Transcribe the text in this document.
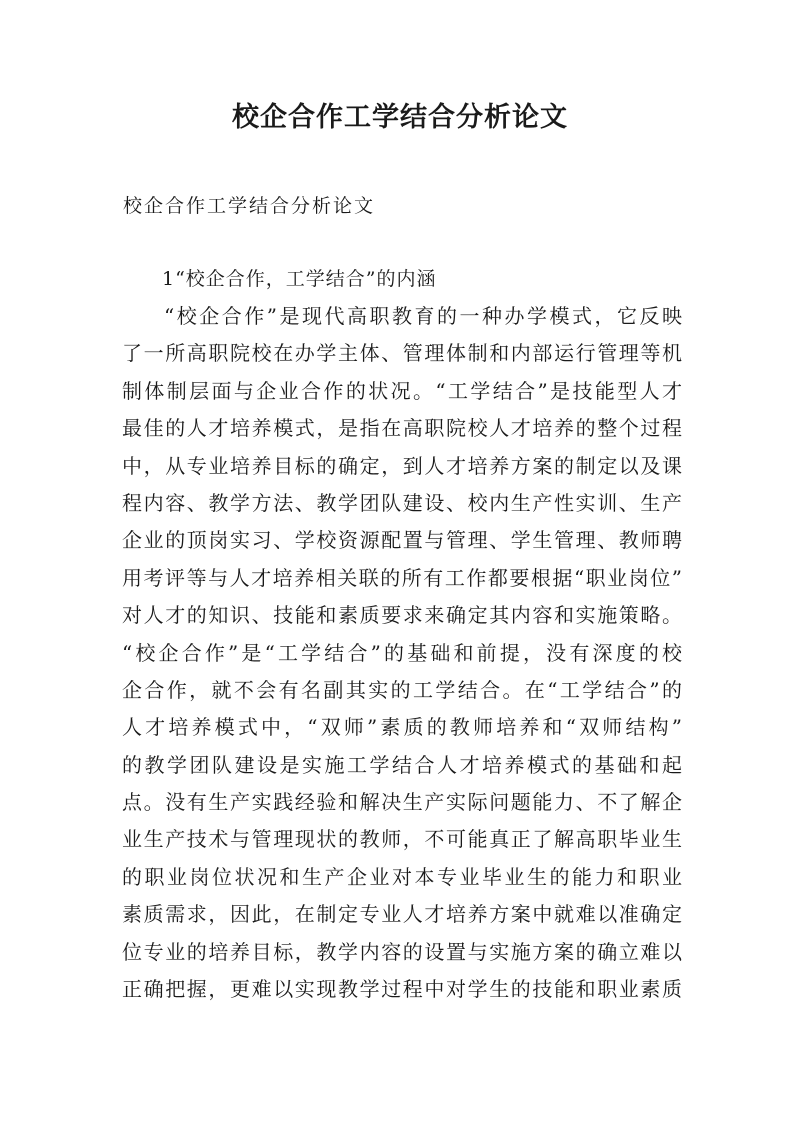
校企合作工学结合分析论文

校企合作工学结合分析论文

1“校企合作，工学结合”的内涵

“校企合作”是现代高职教育的一种办学模式，它反映
了一所高职院校在办学主体、管理体制和内部运行管理等机
制体制层面与企业合作的状况。“工学结合”是技能型人才
最佳的人才培养模式，是指在高职院校人才培养的整个过程
中，从专业培养目标的确定，到人才培养方案的制定以及课
程内容、教学方法、教学团队建设、校内生产性实训、生产
企业的顶岗实习、学校资源配置与管理、学生管理、教师聘
用考评等与人才培养相关联的所有工作都要根据“职业岗位”
对人才的知识、技能和素质要求来确定其内容和实施策略。
“校企合作”是“工学结合”的基础和前提，没有深度的校
企合作，就不会有名副其实的工学结合。在“工学结合”的
人才培养模式中，“双师”素质的教师培养和“双师结构”
的教学团队建设是实施工学结合人才培养模式的基础和起
点。没有生产实践经验和解决生产实际问题能力、不了解企
业生产技术与管理现状的教师，不可能真正了解高职毕业生
的职业岗位状况和生产企业对本专业毕业生的能力和职业
素质需求，因此，在制定专业人才培养方案中就难以准确定
位专业的培养目标，教学内容的设置与实施方案的确立难以
正确把握，更难以实现教学过程中对学生的技能和职业素质
